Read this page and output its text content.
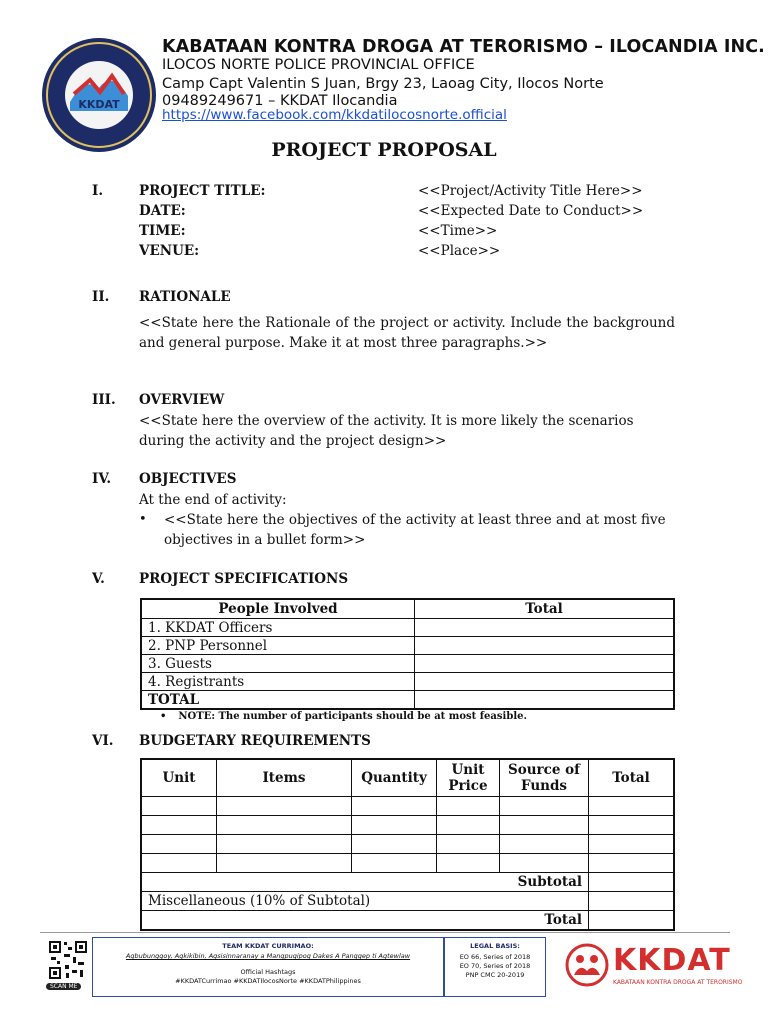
KKDAT
KABATAAN KONTRA DROGA AT TERORISMO – ILOCANDIA INC.
ILOCOS NORTE POLICE PROVINCIAL OFFICE
Camp Capt Valentin S Juan, Brgy 23, Laoag City, Ilocos Norte
09489249671 – KKDAT Ilocandia
https://www.facebook.com/kkdatilocosnorte.official
PROJECT PROPOSAL
I.	PROJECT TITLE:	<<Project/Activity Title Here>>
DATE:	<<Expected Date to Conduct>>
TIME:	<<Time>>
VENUE:	<<Place>>
II. RATIONALE
<<State here the Rationale of the project or activity. Include the background and general purpose. Make it at most three paragraphs.>>
III. OVERVIEW
<<State here the overview of the activity. It is more likely the scenarios during the activity and the project design>>
IV. OBJECTIVES
At the end of activity:
• <<State here the objectives of the activity at least three and at most five objectives in a bullet form>>
V.	PROJECT SPECIFICATIONS
People Involved	Total
1. KKDAT Officers	
2. PNP Personnel	
3. Guests	
4. Registrants	
TOTAL	
• NOTE: The number of participants should be at most feasible.
VI. BUDGETARY REQUIREMENTS
Unit	Items	Quantity	Unit Price	Source of Funds	Total

Subtotal					
Miscellaneous (10% of Subtotal)					
Total					
SCAN ME
TEAM KKDAT CURRIMAO:
Agbubunggoy, Agkikibin, Agsisinnaranay a Mangpugipog Dakes A Panggep ti Agtewlaw
Official Hashtags
#KKDATCurrimao #KKDATIlocosNorte #KKDATPhilippines
LEGAL BASIS:
EO 66, Series of 2018
EO 70, Series of 2018
PNP CMC 20-2019	KKDAT
KABATAAN KONTRA DROGA AT TERORISMO
